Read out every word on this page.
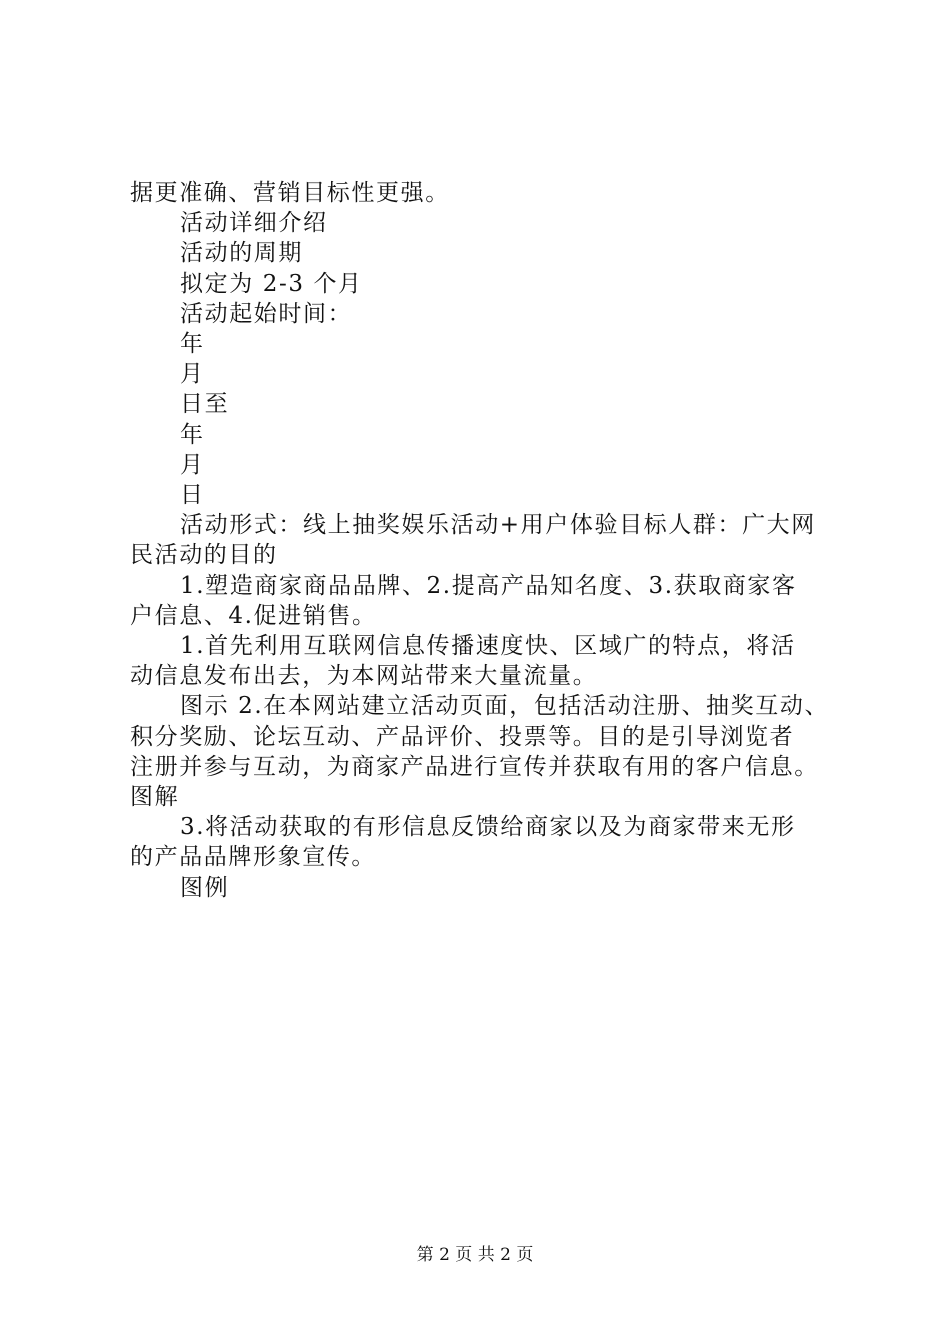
据更准确、营销目标性更强。
活动详细介绍
活动的周期
拟定为 2-3 个月
活动起始时间：
年
月
日至
年
月
日
活动形式：线上抽奖娱乐活动+用户体验目标人群：广大网
民活动的目的
1.塑造商家商品品牌、2.提高产品知名度、3.获取商家客
户信息、4.促进销售。
1.首先利用互联网信息传播速度快、区域广的特点，将活
动信息发布出去，为本网站带来大量流量。
图示 2.在本网站建立活动页面，包括活动注册、抽奖互动、
积分奖励、论坛互动、产品评价、投票等。目的是引导浏览者
注册并参与互动，为商家产品进行宣传并获取有用的客户信息。
图解
3.将活动获取的有形信息反馈给商家以及为商家带来无形
的产品品牌形象宣传。
图例
第 2 页 共 2 页
